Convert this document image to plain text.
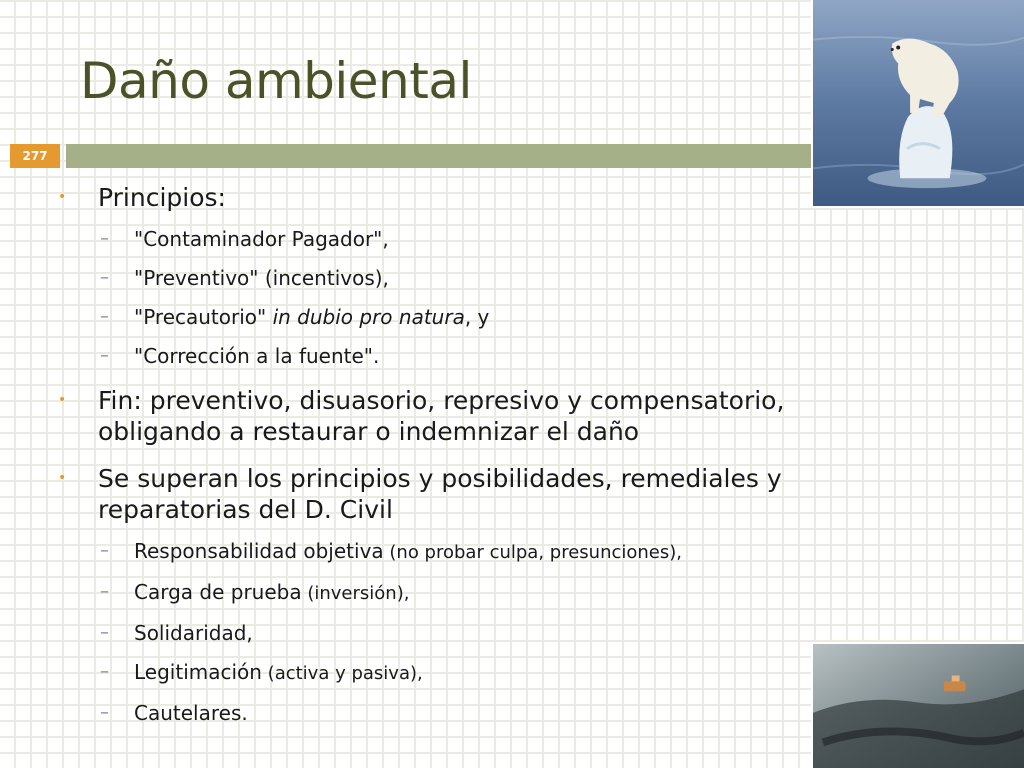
Daño ambiental
277
• Principios:
– "Contaminador Pagador",
– "Preventivo" (incentivos),
– "Precautorio" in dubio pro natura, y
– "Corrección a la fuente".
• Fin: preventivo, disuasorio, represivo y compensatorio, obligando a restaurar o indemnizar el daño
• Se superan los principios y posibilidades, remediales y reparatorias del D. Civil
– Responsabilidad objetiva (no probar culpa, presunciones),
– Carga de prueba (inversión),
– Solidaridad,
– Legitimación (activa y pasiva),
– Cautelares.
